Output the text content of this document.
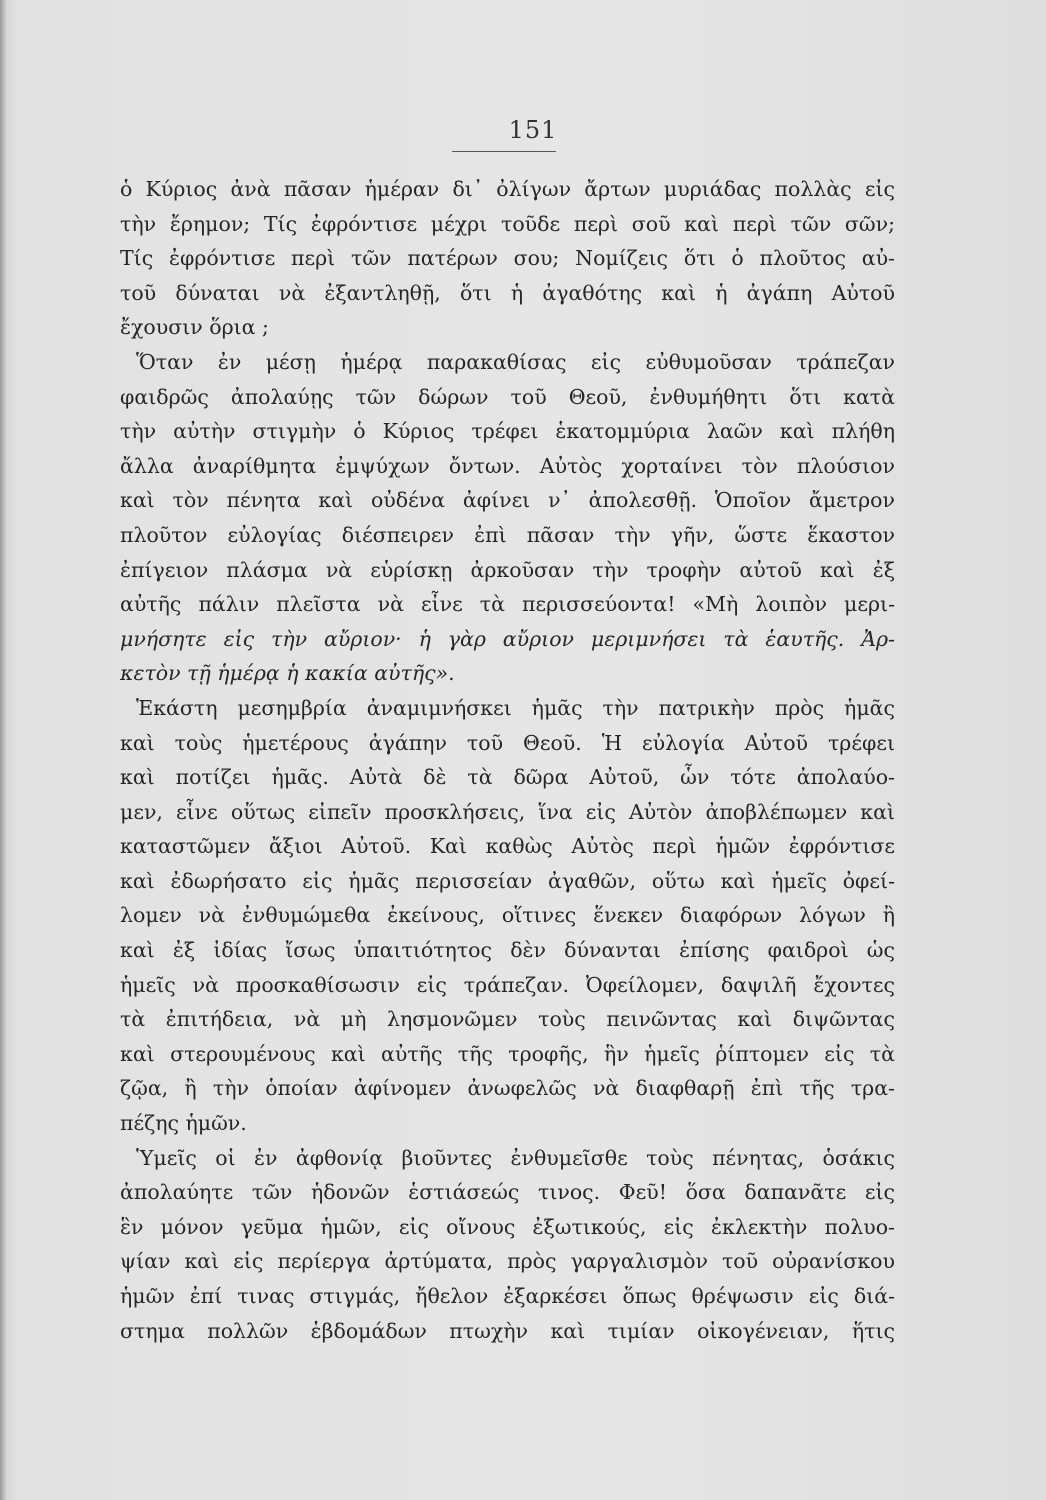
151
ὁ Κύριος ἀνὰ πᾶσαν ἡμέραν δι᾽ ὀλίγων ἄρτων μυριάδας πολλὰς εἰς
τὴν ἔρημον; Τίς ἐφρόντισε μέχρι τοῦδε περὶ σοῦ καὶ περὶ τῶν σῶν;
Τίς ἐφρόντισε περὶ τῶν πατέρων σου; Νομίζεις ὅτι ὁ πλοῦτος αὐ-
τοῦ δύναται νὰ ἐξαντληθῇ, ὅτι ἡ ἀγαθότης καὶ ἡ ἀγάπη Αὐτοῦ
ἔχουσιν ὅρια ;
Ὅταν ἐν μέσῃ ἡμέρᾳ παρακαθίσας εἰς εὐθυμοῦσαν τράπεζαν
φαιδρῶς ἀπολαύῃς τῶν δώρων τοῦ Θεοῦ, ἐνθυμήθητι ὅτι κατὰ
τὴν αὐτὴν στιγμὴν ὁ Κύριος τρέφει ἑκατομμύρια λαῶν καὶ πλήθη
ἄλλα ἀναρίθμητα ἐμψύχων ὄντων. Αὐτὸς χορταίνει τὸν πλούσιον
καὶ τὸν πένητα καὶ οὐδένα ἀφίνει ν᾽ ἀπολεσθῇ. Ὁποῖον ἄμετρον
πλοῦτον εὐλογίας διέσπειρεν ἐπὶ πᾶσαν τὴν γῆν, ὥστε ἕκαστον
ἐπίγειον πλάσμα νὰ εὑρίσκῃ ἀρκοῦσαν τὴν τροφὴν αὐτοῦ καὶ ἐξ
αὐτῆς πάλιν πλεῖστα νὰ εἶνε τὰ περισσεύοντα! «Μὴ λοιπὸν μερι-
μνήσητε εἰς τὴν αὔριον· ἡ γὰρ αὔριον μεριμνήσει τὰ ἑαυτῆς. Ἀρ-
κετὸν τῇ ἡμέρᾳ ἡ κακία αὐτῆς».
Ἑκάστη μεσημβρία ἀναμιμνήσκει ἡμᾶς τὴν πατρικὴν πρὸς ἡμᾶς
καὶ τοὺς ἡμετέρους ἀγάπην τοῦ Θεοῦ. Ἡ εὐλογία Αὐτοῦ τρέφει
καὶ ποτίζει ἡμᾶς. Αὐτὰ δὲ τὰ δῶρα Αὐτοῦ, ὧν τότε ἀπολαύο-
μεν, εἶνε οὕτως εἰπεῖν προσκλήσεις, ἵνα εἰς Αὐτὸν ἀποβλέπωμεν καὶ
καταστῶμεν ἄξιοι Αὐτοῦ. Καὶ καθὼς Αὐτὸς περὶ ἡμῶν ἐφρόντισε
καὶ ἐδωρήσατο εἰς ἡμᾶς περισσείαν ἀγαθῶν, οὕτω καὶ ἡμεῖς ὀφεί-
λομεν νὰ ἐνθυμώμεθα ἐκείνους, οἵτινες ἕνεκεν διαφόρων λόγων ἢ
καὶ ἐξ ἰδίας ἴσως ὑπαιτιότητος δὲν δύνανται ἐπίσης φαιδροὶ ὡς
ἡμεῖς νὰ προσκαθίσωσιν εἰς τράπεζαν. Ὀφείλομεν, δαψιλῆ ἔχοντες
τὰ ἐπιτήδεια, νὰ μὴ λησμονῶμεν τοὺς πεινῶντας καὶ διψῶντας
καὶ στερουμένους καὶ αὐτῆς τῆς τροφῆς, ἣν ἡμεῖς ῥίπτομεν εἰς τὰ
ζῷα, ἢ τὴν ὁποίαν ἀφίνομεν ἀνωφελῶς νὰ διαφθαρῇ ἐπὶ τῆς τρα-
πέζης ἡμῶν.
Ὑμεῖς οἱ ἐν ἀφθονίᾳ βιοῦντες ἐνθυμεῖσθε τοὺς πένητας, ὁσάκις
ἀπολαύητε τῶν ἡδονῶν ἑστιάσεώς τινος. Φεῦ! ὅσα δαπανᾶτε εἰς
ἓν μόνον γεῦμα ἡμῶν, εἰς οἴνους ἐξωτικούς, εἰς ἐκλεκτὴν πολυο-
ψίαν καὶ εἰς περίεργα ἀρτύματα, πρὸς γαργαλισμὸν τοῦ οὐρανίσκου
ἡμῶν ἐπί τινας στιγμάς, ἤθελον ἐξαρκέσει ὅπως θρέψωσιν εἰς διά-
στημα πολλῶν ἑβδομάδων πτωχὴν καὶ τιμίαν οἰκογένειαν, ἥτις
